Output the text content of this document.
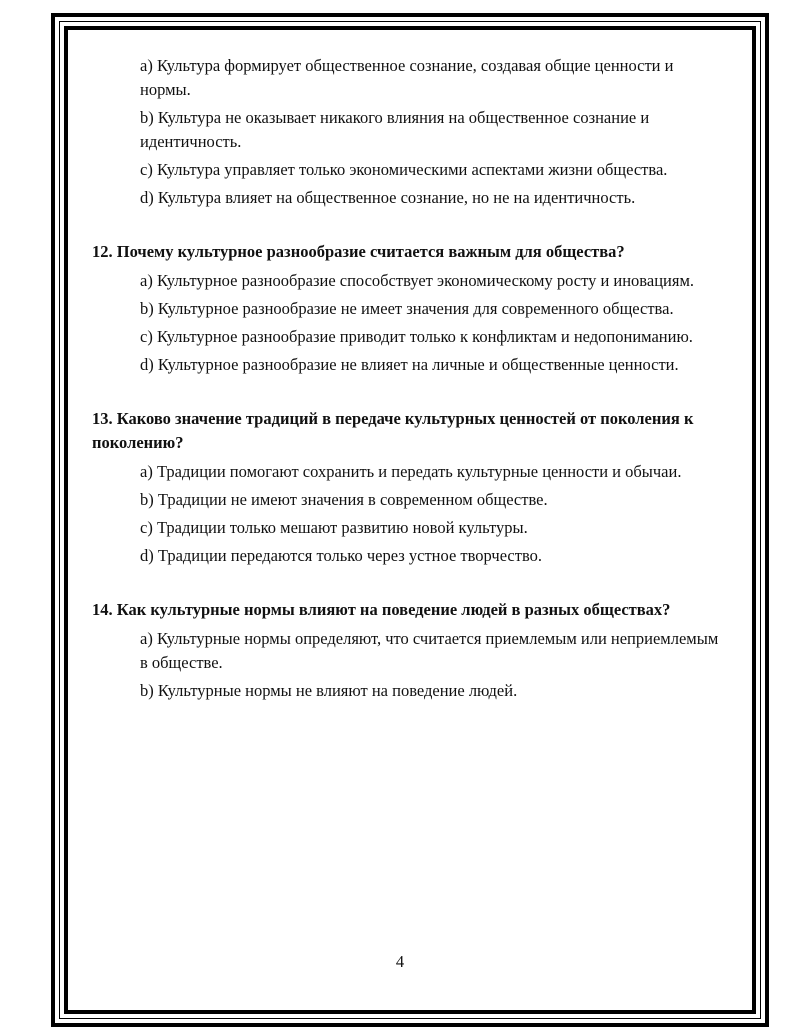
a) Культура формирует общественное сознание, создавая общие ценности и нормы.
b) Культура не оказывает никакого влияния на общественное сознание и идентичность.
c) Культура управляет только экономическими аспектами жизни общества.
d) Культура влияет на общественное сознание, но не на идентичность.
12. Почему культурное разнообразие считается важным для общества?
a) Культурное разнообразие способствует экономическому росту и иновациям.
b) Культурное разнообразие не имеет значения для современного общества.
c) Культурное разнообразие приводит только к конфликтам и недопониманию.
d) Культурное разнообразие не влияет на личные и общественные ценности.
13. Каково значение традиций в передаче культурных ценностей от поколения к поколению?
a) Традиции помогают сохранить и передать культурные ценности и обычаи.
b) Традиции не имеют значения в современном обществе.
c) Традиции только мешают развитию новой культуры.
d) Традиции передаются только через устное творчество.
14. Как культурные нормы влияют на поведение людей в разных обществах?
a) Культурные нормы определяют, что считается приемлемым или неприемлемым в обществе.
b) Культурные нормы не влияют на поведение людей.
4
